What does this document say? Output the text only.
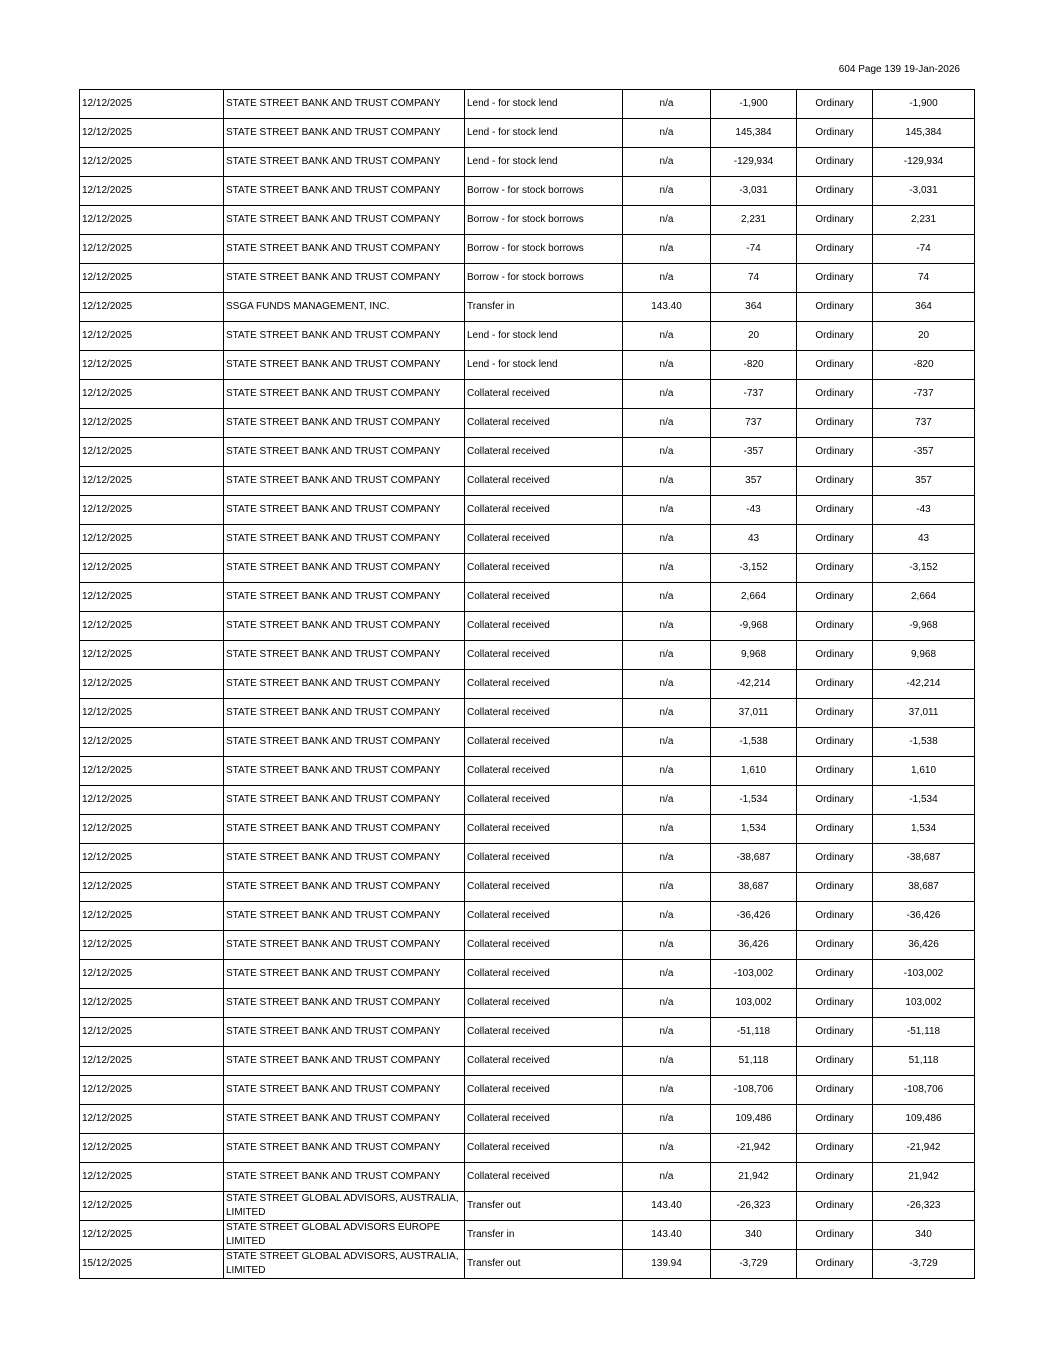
604 Page 139 19-Jan-2026
12/12/2025	STATE STREET BANK AND TRUST COMPANY	Lend - for stock lend	n/a	-1,900	Ordinary	-1,900
12/12/2025	STATE STREET BANK AND TRUST COMPANY	Lend - for stock lend	n/a	145,384	Ordinary	145,384
12/12/2025	STATE STREET BANK AND TRUST COMPANY	Lend - for stock lend	n/a	-129,934	Ordinary	-129,934
12/12/2025	STATE STREET BANK AND TRUST COMPANY	Borrow - for stock borrows	n/a	-3,031	Ordinary	-3,031
12/12/2025	STATE STREET BANK AND TRUST COMPANY	Borrow - for stock borrows	n/a	2,231	Ordinary	2,231
12/12/2025	STATE STREET BANK AND TRUST COMPANY	Borrow - for stock borrows	n/a	-74	Ordinary	-74
12/12/2025	STATE STREET BANK AND TRUST COMPANY	Borrow - for stock borrows	n/a	74	Ordinary	74
12/12/2025	SSGA FUNDS MANAGEMENT, INC.	Transfer in	143.40	364	Ordinary	364
12/12/2025	STATE STREET BANK AND TRUST COMPANY	Lend - for stock lend	n/a	20	Ordinary	20
12/12/2025	STATE STREET BANK AND TRUST COMPANY	Lend - for stock lend	n/a	-820	Ordinary	-820
12/12/2025	STATE STREET BANK AND TRUST COMPANY	Collateral received	n/a	-737	Ordinary	-737
12/12/2025	STATE STREET BANK AND TRUST COMPANY	Collateral received	n/a	737	Ordinary	737
12/12/2025	STATE STREET BANK AND TRUST COMPANY	Collateral received	n/a	-357	Ordinary	-357
12/12/2025	STATE STREET BANK AND TRUST COMPANY	Collateral received	n/a	357	Ordinary	357
12/12/2025	STATE STREET BANK AND TRUST COMPANY	Collateral received	n/a	-43	Ordinary	-43
12/12/2025	STATE STREET BANK AND TRUST COMPANY	Collateral received	n/a	43	Ordinary	43
12/12/2025	STATE STREET BANK AND TRUST COMPANY	Collateral received	n/a	-3,152	Ordinary	-3,152
12/12/2025	STATE STREET BANK AND TRUST COMPANY	Collateral received	n/a	2,664	Ordinary	2,664
12/12/2025	STATE STREET BANK AND TRUST COMPANY	Collateral received	n/a	-9,968	Ordinary	-9,968
12/12/2025	STATE STREET BANK AND TRUST COMPANY	Collateral received	n/a	9,968	Ordinary	9,968
12/12/2025	STATE STREET BANK AND TRUST COMPANY	Collateral received	n/a	-42,214	Ordinary	-42,214
12/12/2025	STATE STREET BANK AND TRUST COMPANY	Collateral received	n/a	37,011	Ordinary	37,011
12/12/2025	STATE STREET BANK AND TRUST COMPANY	Collateral received	n/a	-1,538	Ordinary	-1,538
12/12/2025	STATE STREET BANK AND TRUST COMPANY	Collateral received	n/a	1,610	Ordinary	1,610
12/12/2025	STATE STREET BANK AND TRUST COMPANY	Collateral received	n/a	-1,534	Ordinary	-1,534
12/12/2025	STATE STREET BANK AND TRUST COMPANY	Collateral received	n/a	1,534	Ordinary	1,534
12/12/2025	STATE STREET BANK AND TRUST COMPANY	Collateral received	n/a	-38,687	Ordinary	-38,687
12/12/2025	STATE STREET BANK AND TRUST COMPANY	Collateral received	n/a	38,687	Ordinary	38,687
12/12/2025	STATE STREET BANK AND TRUST COMPANY	Collateral received	n/a	-36,426	Ordinary	-36,426
12/12/2025	STATE STREET BANK AND TRUST COMPANY	Collateral received	n/a	36,426	Ordinary	36,426
12/12/2025	STATE STREET BANK AND TRUST COMPANY	Collateral received	n/a	-103,002	Ordinary	-103,002
12/12/2025	STATE STREET BANK AND TRUST COMPANY	Collateral received	n/a	103,002	Ordinary	103,002
12/12/2025	STATE STREET BANK AND TRUST COMPANY	Collateral received	n/a	-51,118	Ordinary	-51,118
12/12/2025	STATE STREET BANK AND TRUST COMPANY	Collateral received	n/a	51,118	Ordinary	51,118
12/12/2025	STATE STREET BANK AND TRUST COMPANY	Collateral received	n/a	-108,706	Ordinary	-108,706
12/12/2025	STATE STREET BANK AND TRUST COMPANY	Collateral received	n/a	109,486	Ordinary	109,486
12/12/2025	STATE STREET BANK AND TRUST COMPANY	Collateral received	n/a	-21,942	Ordinary	-21,942
12/12/2025	STATE STREET BANK AND TRUST COMPANY	Collateral received	n/a	21,942	Ordinary	21,942
12/12/2025	STATE STREET GLOBAL ADVISORS, AUSTRALIA, LIMITED	Transfer out	143.40	-26,323	Ordinary	-26,323
12/12/2025	STATE STREET GLOBAL ADVISORS EUROPE LIMITED	Transfer in	143.40	340	Ordinary	340
15/12/2025	STATE STREET GLOBAL ADVISORS, AUSTRALIA, LIMITED	Transfer out	139.94	-3,729	Ordinary	-3,729
